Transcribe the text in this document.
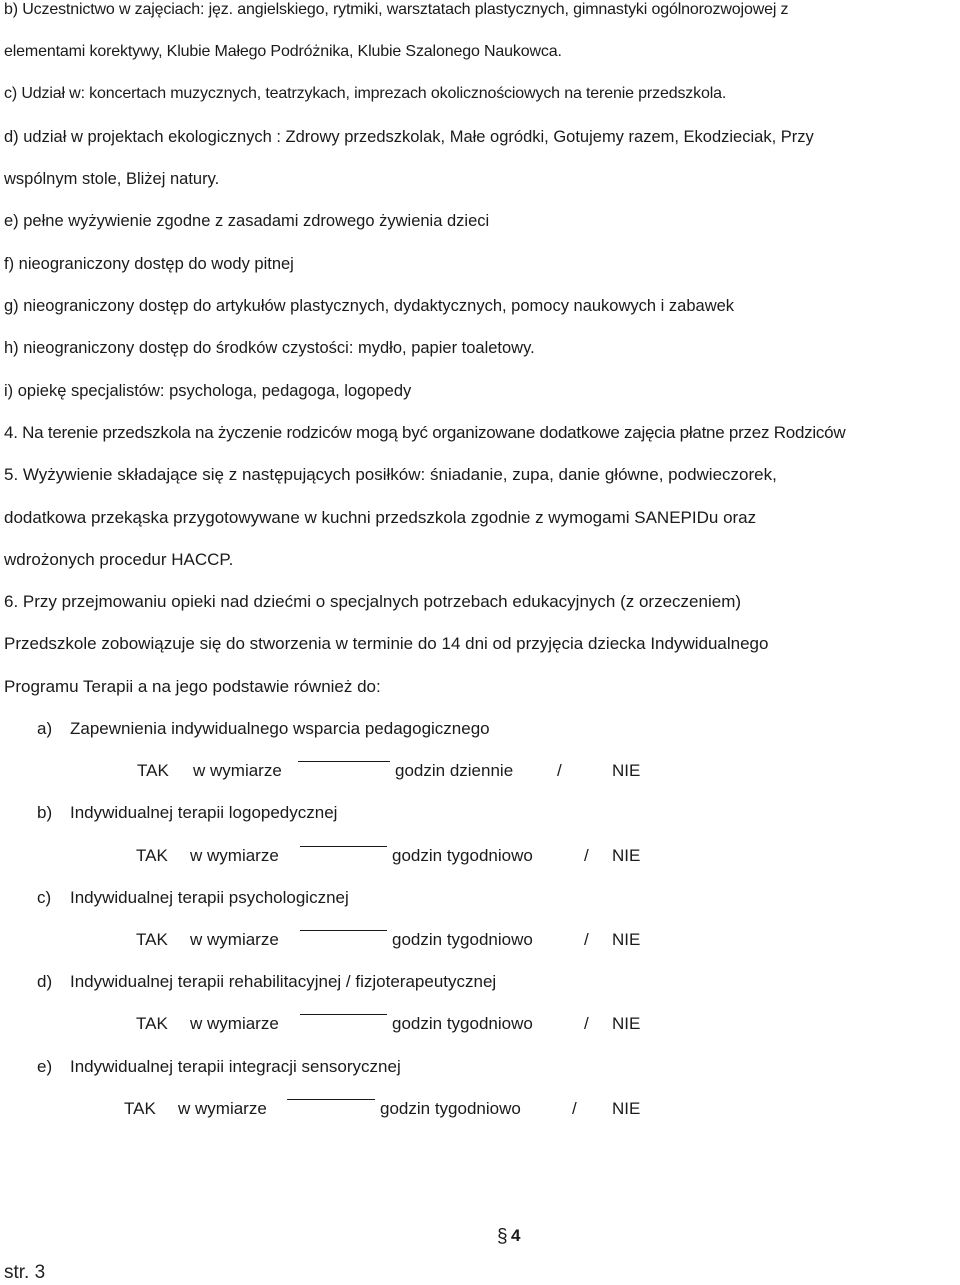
b) Uczestnictwo w zajęciach: jęz. angielskiego, rytmiki, warsztatach plastycznych, gimnastyki ogólnorozwojowej z
elementami korektywy, Klubie Małego Podróżnika, Klubie Szalonego Naukowca.
c) Udział w: koncertach muzycznych, teatrzykach, imprezach okolicznościowych na terenie przedszkola.
d) udział w projektach ekologicznych : Zdrowy przedszkolak, Małe ogródki, Gotujemy razem, Ekodzieciak, Przy
wspólnym stole, Bliżej natury.
e) pełne wyżywienie zgodne z zasadami zdrowego żywienia dzieci
f) nieograniczony dostęp do wody pitnej
g) nieograniczony dostęp do artykułów plastycznych, dydaktycznych, pomocy naukowych i zabawek
h) nieograniczony dostęp do środków czystości: mydło, papier toaletowy.
i) opiekę specjalistów: psychologa, pedagoga, logopedy
4. Na terenie przedszkola na życzenie rodziców mogą być organizowane dodatkowe zajęcia płatne przez Rodziców
5. Wyżywienie składające się z następujących posiłków: śniadanie, zupa, danie główne, podwieczorek,
dodatkowa przekąska przygotowywane w kuchni przedszkola zgodnie z wymogami SANEPIDu oraz
wdrożonych procedur HACCP.
6. Przy przejmowaniu opieki nad dziećmi o specjalnych potrzebach edukacyjnych (z orzeczeniem)
Przedszkole zobowiązuje się do stworzenia w terminie do 14 dni od przyjęcia dziecka Indywidualnego
Programu Terapii a na jego podstawie również do:
a) Zapewnienia indywidualnego wsparcia pedagogicznego
TAK w wymiarze	godzin dziennie	/	NIE
b) Indywidualnej terapii logopedycznej
TAK w wymiarze	godzin tygodniowo	/ NIE
c) Indywidualnej terapii psychologicznej
TAK w wymiarze	godzin tygodniowo	/ NIE
d) Indywidualnej terapii rehabilitacyjnej / fizjoterapeutycznej
TAK w wymiarze	godzin tygodniowo	/ NIE
e) Indywidualnej terapii integracji sensorycznej
TAK w wymiarze	godzin tygodniowo	/ NIE
§ 4
str. 3
